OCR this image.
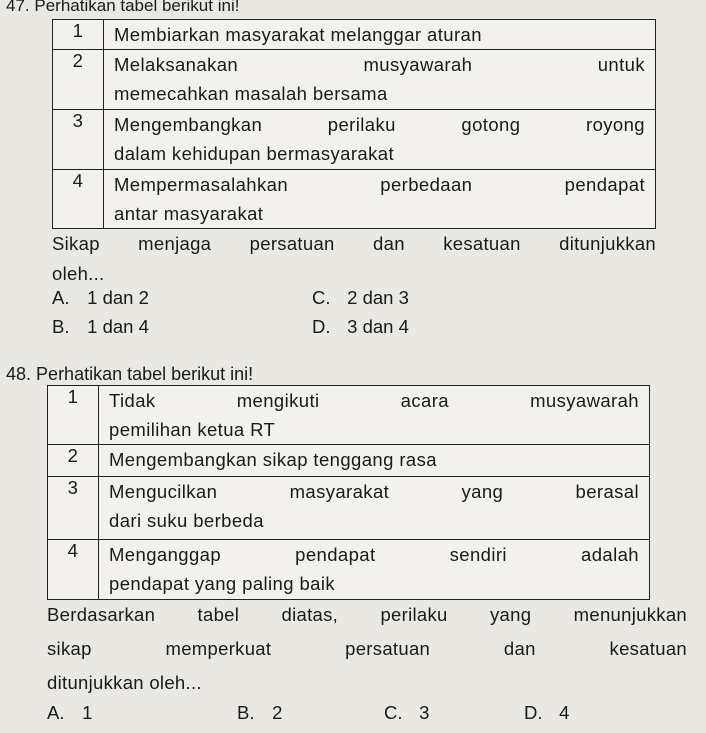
47. Perhatikan tabel berikut ini!
1	Membiarkan masyarakat melanggar aturan

2	Melaksanakan musyawarah untuk
memecahkan masalah bersama

3	Mengembangkan perilaku gotong royong
dalam kehidupan bermasyarakat

4	Mempermasalahkan perbedaan pendapat
antar masyarakat
Sikap menjaga persatuan dan kesatuan ditunjukkan
oleh...
A. 1 dan 2	C. 2 dan 3
B. 1 dan 4	D. 3 dan 4
48. Perhatikan tabel berikut ini!
1	Tidak mengikuti acara musyawarah
pemilihan ketua RT

2	Mengembangkan sikap tenggang rasa

3	Mengucilkan masyarakat yang berasal
dari suku berbeda

4	Menganggap pendapat sendiri adalah
pendapat yang paling baik
Berdasarkan tabel diatas, perilaku yang menunjukkan
sikap memperkuat persatuan dan kesatuan
ditunjukkan oleh...
A. 1	B. 2	C. 3	D. 4
